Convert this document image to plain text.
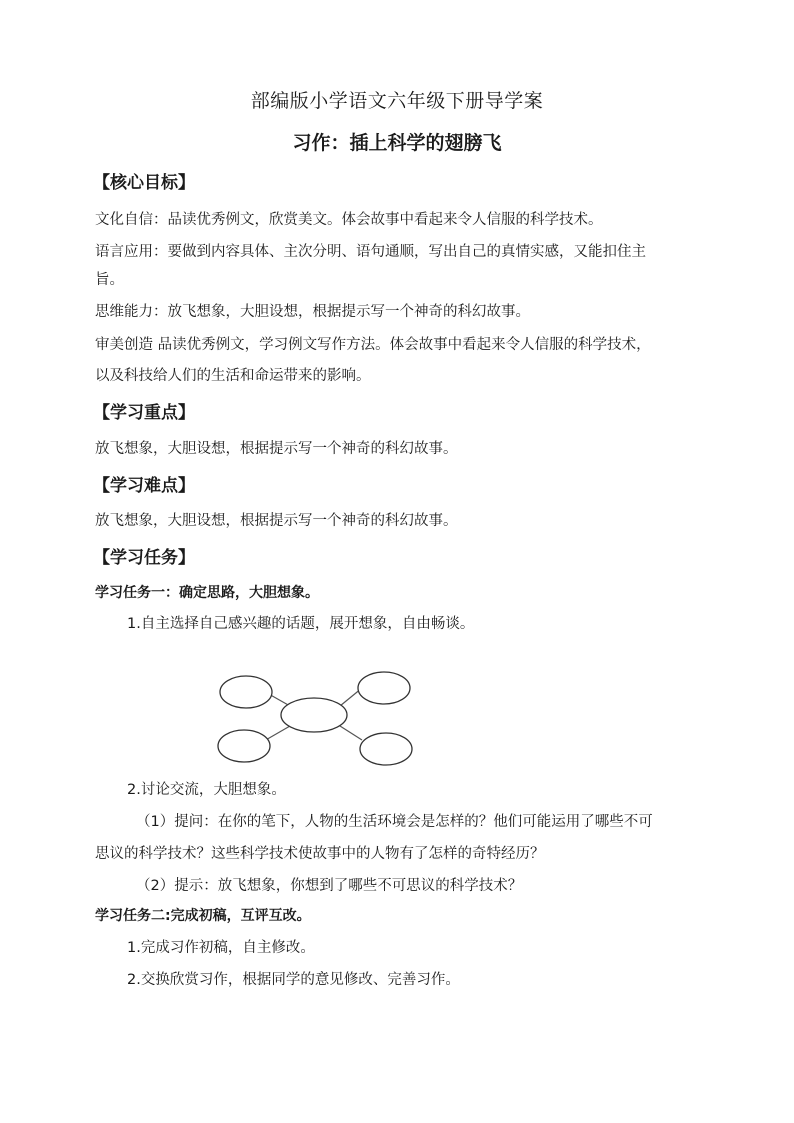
部编版小学语文六年级下册导学案
习作：插上科学的翅膀飞
【核心目标】
文化自信：品读优秀例文，欣赏美文。体会故事中看起来令人信服的科学技术。
语言应用：要做到内容具体、主次分明、语句通顺，写出自己的真情实感，又能扣住主
旨。
思维能力：放飞想象，大胆设想，根据提示写一个神奇的科幻故事。
审美创造 品读优秀例文，学习例文写作方法。体会故事中看起来令人信服的科学技术，
以及科技给人们的生活和命运带来的影响。
【学习重点】
放飞想象，大胆设想，根据提示写一个神奇的科幻故事。
【学习难点】
放飞想象，大胆设想，根据提示写一个神奇的科幻故事。
【学习任务】
学习任务一：确定思路，大胆想象。
1.自主选择自己感兴趣的话题，展开想象，自由畅谈。
2.讨论交流，大胆想象。
（1）提问：在你的笔下，人物的生活环境会是怎样的？他们可能运用了哪些不可
思议的科学技术？这些科学技术使故事中的人物有了怎样的奇特经历？
（2）提示：放飞想象，你想到了哪些不可思议的科学技术？
学习任务二:完成初稿，互评互改。
1.完成习作初稿，自主修改。
2.交换欣赏习作，根据同学的意见修改、完善习作。
